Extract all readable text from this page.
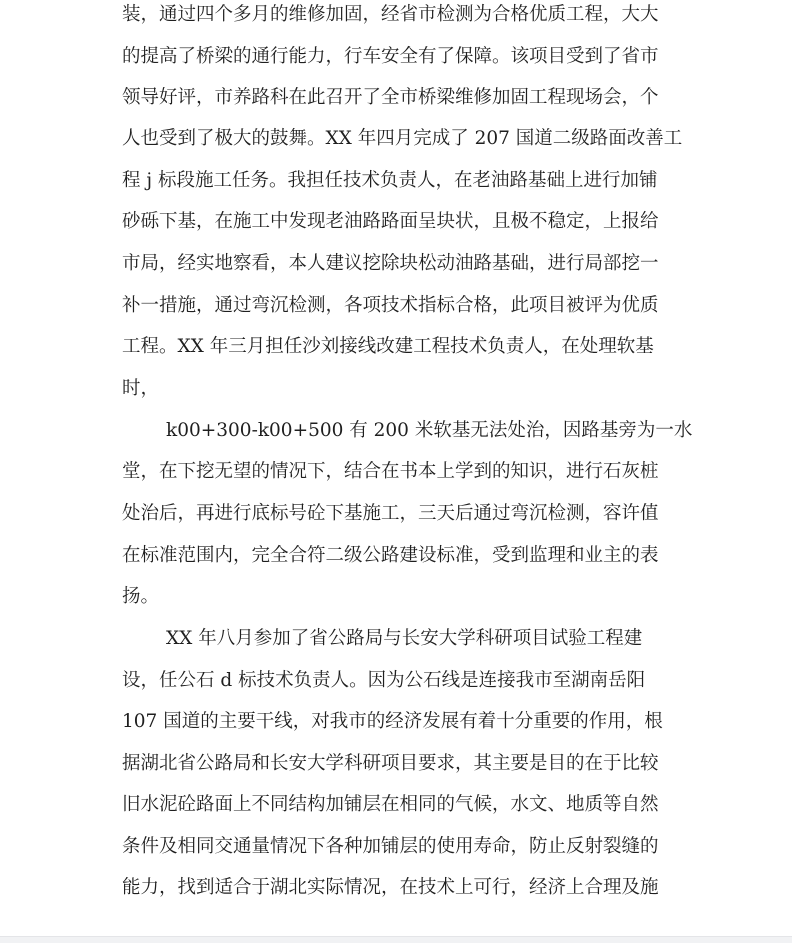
装，通过四个多月的维修加固，经省市检测为合格优质工程，大大
的提高了桥梁的通行能力，行车安全有了保障。该项目受到了省市
领导好评，市养路科在此召开了全市桥梁维修加固工程现场会，个
人也受到了极大的鼓舞。XX 年四月完成了 207 国道二级路面改善工
程 j 标段施工任务。我担任技术负责人，在老油路基础上进行加铺
砂砾下基，在施工中发现老油路路面呈块状，且极不稳定，上报给
市局，经实地察看，本人建议挖除块松动油路基础，进行局部挖一
补一措施，通过弯沉检测，各项技术指标合格，此项目被评为优质
工程。XX 年三月担任沙刘接线改建工程技术负责人，在处理软基
时，
k00+300-k00+500 有 200 米软基无法处治，因路基旁为一水
堂，在下挖无望的情况下，结合在书本上学到的知识，进行石灰桩
处治后，再进行底标号砼下基施工，三天后通过弯沉检测，容许值
在标准范围内，完全合符二级公路建设标准，受到监理和业主的表
扬。
XX 年八月参加了省公路局与长安大学科研项目试验工程建
设，任公石 d 标技术负责人。因为公石线是连接我市至湖南岳阳
107 国道的主要干线，对我市的经济发展有着十分重要的作用，根
据湖北省公路局和长安大学科研项目要求，其主要是目的在于比较
旧水泥砼路面上不同结构加铺层在相同的气候，水文、地质等自然
条件及相同交通量情况下各种加铺层的使用寿命，防止反射裂缝的
能力，找到适合于湖北实际情况，在技术上可行，经济上合理及施
